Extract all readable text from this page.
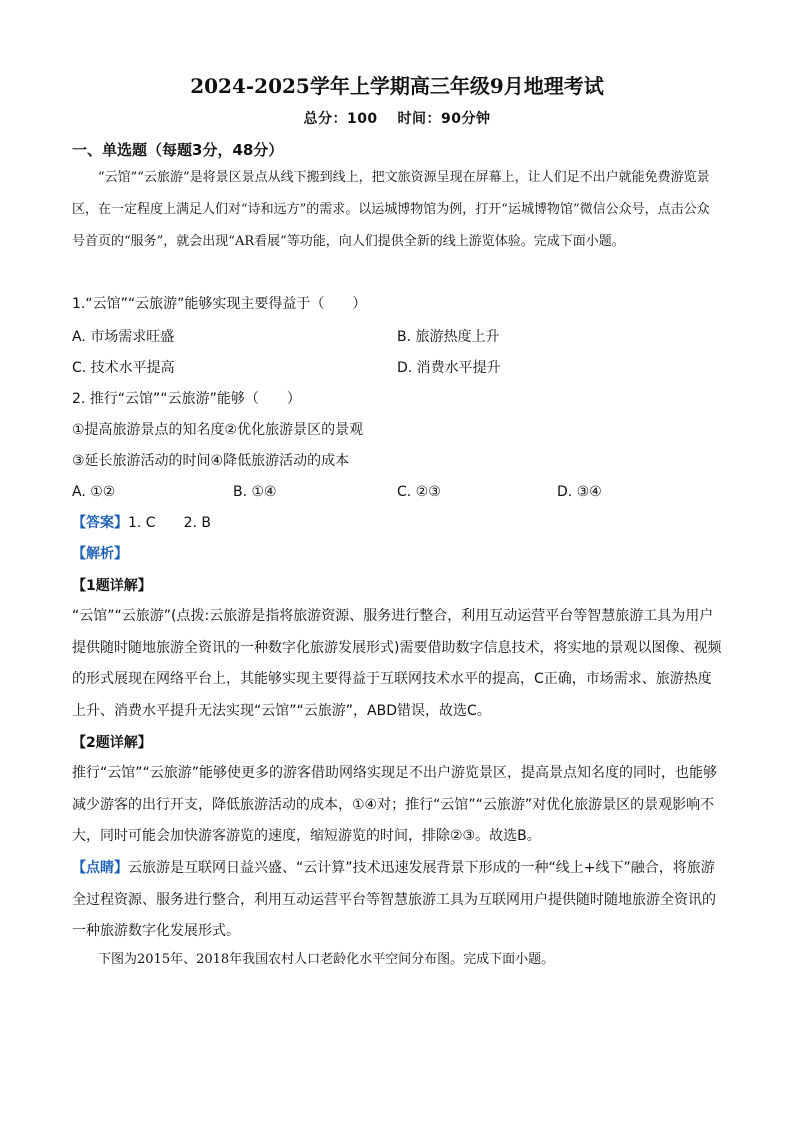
2024-2025学年上学期高三年级9月地理考试
总分：100　 时间：90分钟
一、单选题（每题3分，48分）

“云馆”“云旅游”是将景区景点从线下搬到线上，把文旅资源呈现在屏幕上，让人们足不出户就能免费游览景区，在一定程度上满足人们对“诗和远方”的需求。以运城博物馆为例，打开“运城博物馆”微信公众号，点击公众号首页的“服务”，就会出现“AR看展”等功能，向人们提供全新的线上游览体验。完成下面小题。

1.“云馆”“云旅游”能够实现主要得益于（　　）
A. 市场需求旺盛	B. 旅游热度上升
C. 技术水平提高	D. 消费水平提升
2. 推行“云馆”“云旅游”能够（　　）
①提高旅游景点的知名度②优化旅游景区的景观
③延长旅游活动的时间④降低旅游活动的成本
A. ①②	B. ①④	C. ②③	D. ③④
【答案】1. C　　2. B
【解析】
【1题详解】

“云馆”“云旅游”(点拨:云旅游是指将旅游资源、服务进行整合，利用互动运营平台等智慧旅游工具为用户提供随时随地旅游全资讯的一种数字化旅游发展形式)需要借助数字信息技术，将实地的景观以图像、视频的形式展现在网络平台上，其能够实现主要得益于互联网技术水平的提高，C正确，市场需求、旅游热度上升、消费水平提升无法实现“云馆”“云旅游”，ABD错误，故选C。

【2题详解】

推行“云馆”“云旅游”能够使更多的游客借助网络实现足不出户游览景区，提高景点知名度的同时，也能够减少游客的出行开支，降低旅游活动的成本，①④对；推行“云馆”“云旅游”对优化旅游景区的景观影响不大，同时可能会加快游客游览的速度，缩短游览的时间，排除②③。故选B。

【点睛】云旅游是互联网日益兴盛、“云计算”技术迅速发展背景下形成的一种“线上+线下”融合，将旅游全过程资源、服务进行整合，利用互动运营平台等智慧旅游工具为互联网用户提供随时随地旅游全资讯的一种旅游数字化发展形式。

下图为2015年、2018年我国农村人口老龄化水平空间分布图。完成下面小题。
